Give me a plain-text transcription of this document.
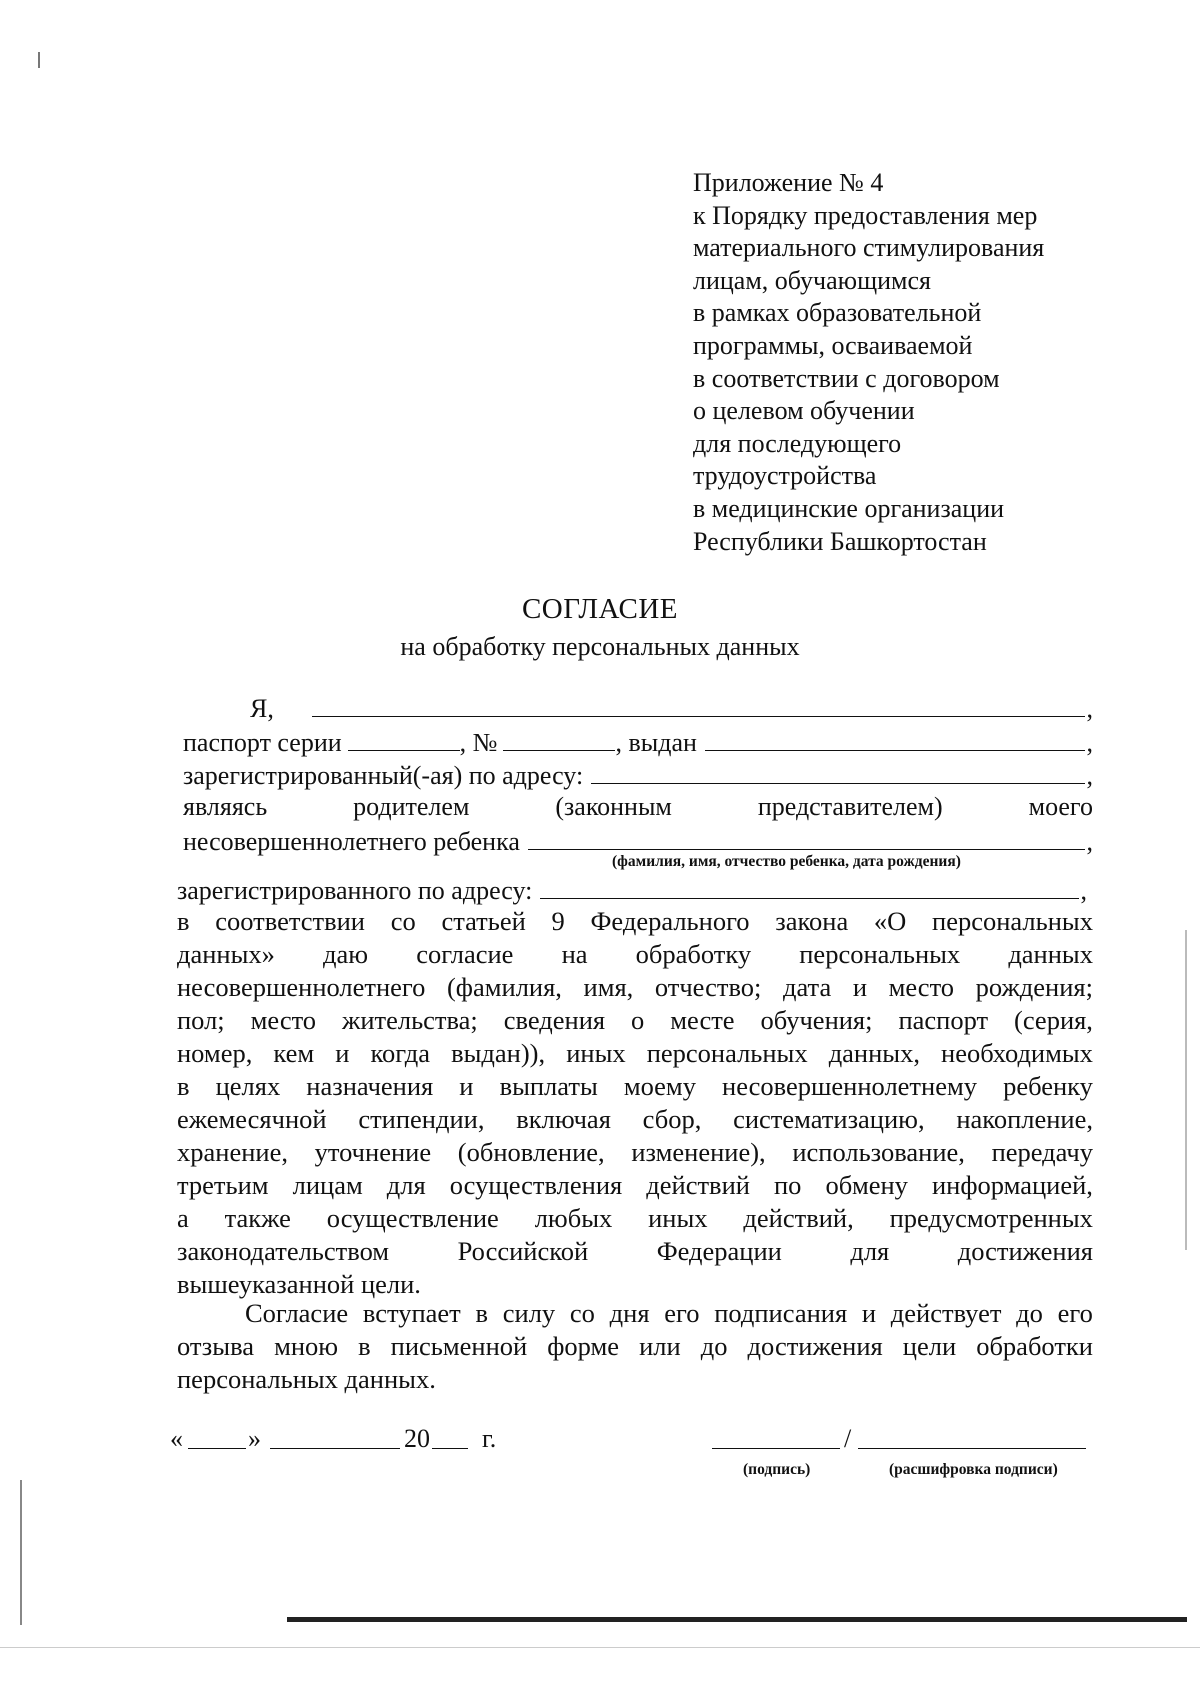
Приложение № 4
к Порядку предоставления мер
материального стимулирования
лицам, обучающимся
в рамках образовательной
программы, осваиваемой
в соответствии с договором
о целевом обучении
для последующего
трудоустройства
в медицинские организации
Республики Башкортостан
СОГЛАСИЕ
на обработку персональных данных
Я,	,
паспорт серии	, №	, выдан	,
зарегистрированный(-ая) по адресу:	,
являясь	родителем	(законным	представителем)	моего
несовершеннолетнего ребенка	,
(фамилия, имя, отчество ребенка, дата рождения)
зарегистрированного по адресу:	,
в соответствии со статьей 9 Федерального закона «О персональных
данных» даю согласие на обработку персональных данных
несовершеннолетнего (фамилия, имя, отчество; дата и место рождения;
пол; место жительства; сведения о месте обучения; паспорт (серия,
номер, кем и когда выдан)), иных персональных данных, необходимых
в целях назначения и выплаты моему несовершеннолетнему ребенку
ежемесячной стипендии, включая сбор, систематизацию, накопление,
хранение, уточнение (обновление, изменение), использование, передачу
третьим лицам для осуществления действий по обмену информацией,
а также осуществление любых иных действий, предусмотренных
законодательством	Российской	Федерации	для	достижения
вышеуказанной цели.
Согласие вступает в силу со дня его подписания и действует до его
отзыва мною в письменной форме или до достижения цели обработки
персональных данных.
«	»	20 г.	/
(подпись)	(расшифровка подписи)
